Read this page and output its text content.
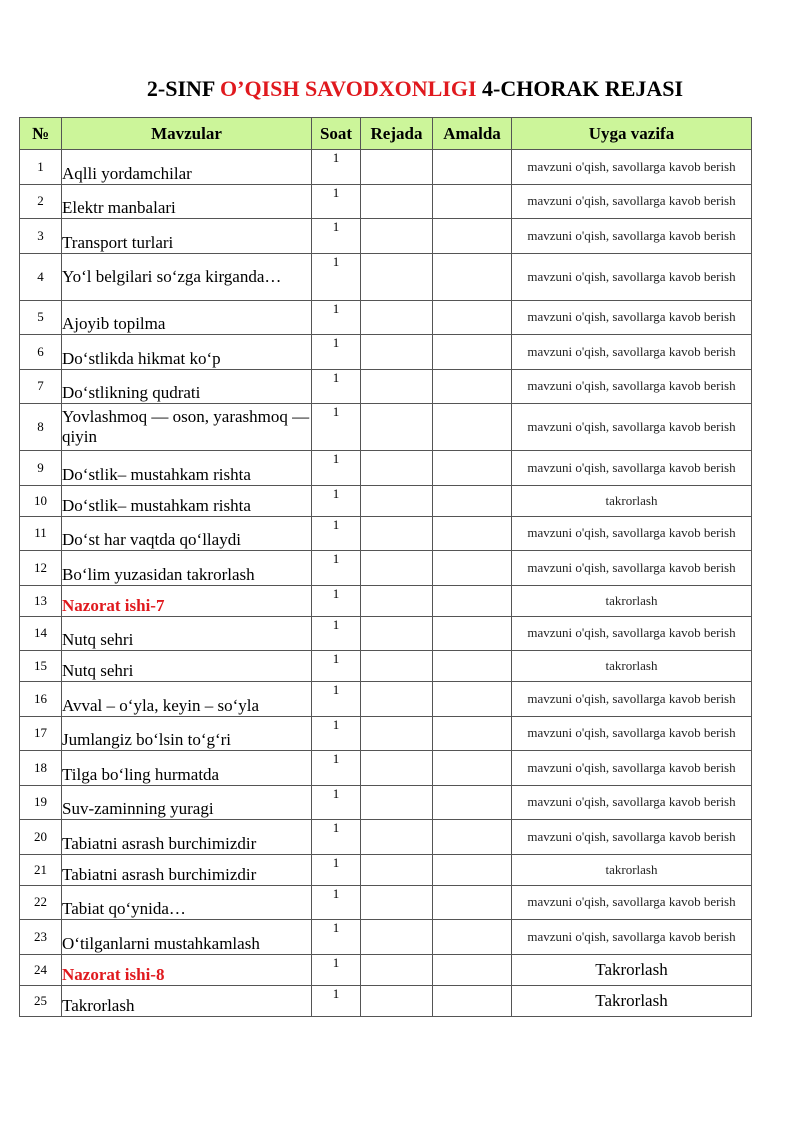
2-SINF O’QISH SAVODXONLIGI 4-CHORAK REJASI
№	Mavzular	Soat	Rejada	Amalda	Uyga vazifa
1	Aqlli yordamchilar	1			mavzuni o'qish, savollarga kavob berish
2	Elektr manbalari	1			mavzuni o'qish, savollarga kavob berish
3	Transport turlari	1			mavzuni o'qish, savollarga kavob berish
4	Yo‘l belgilari so‘zga kirganda…	1			mavzuni o'qish, savollarga kavob berish
5	Ajoyib topilma	1			mavzuni o'qish, savollarga kavob berish
6	Do‘stlikda hikmat ko‘p	1			mavzuni o'qish, savollarga kavob berish
7	Do‘stlikning qudrati	1			mavzuni o'qish, savollarga kavob berish
8	Yovlashmoq — oson, yarashmoq — qiyin	1			mavzuni o'qish, savollarga kavob berish
9	Do‘stlik– mustahkam rishta	1			mavzuni o'qish, savollarga kavob berish
10	Do‘stlik– mustahkam rishta	1			takrorlash
11	Do‘st har vaqtda qo‘llaydi	1			mavzuni o'qish, savollarga kavob berish
12	Bo‘lim yuzasidan takrorlash	1			mavzuni o'qish, savollarga kavob berish
13	Nazorat ishi-7	1			takrorlash
14	Nutq sehri	1			mavzuni o'qish, savollarga kavob berish
15	Nutq sehri	1			takrorlash
16	Avval – o‘yla, keyin – so‘yla	1			mavzuni o'qish, savollarga kavob berish
17	Jumlangiz bo‘lsin to‘g‘ri	1			mavzuni o'qish, savollarga kavob berish
18	Tilga bo‘ling hurmatda	1			mavzuni o'qish, savollarga kavob berish
19	Suv-zaminning yuragi	1			mavzuni o'qish, savollarga kavob berish
20	Tabiatni asrash burchimizdir	1			mavzuni o'qish, savollarga kavob berish
21	Tabiatni asrash burchimizdir	1			takrorlash
22	Tabiat qo‘ynida…	1			mavzuni o'qish, savollarga kavob berish
23	O‘tilganlarni mustahkamlash	1			mavzuni o'qish, savollarga kavob berish
24	Nazorat ishi-8	1			Takrorlash
25	Takrorlash	1			Takrorlash
